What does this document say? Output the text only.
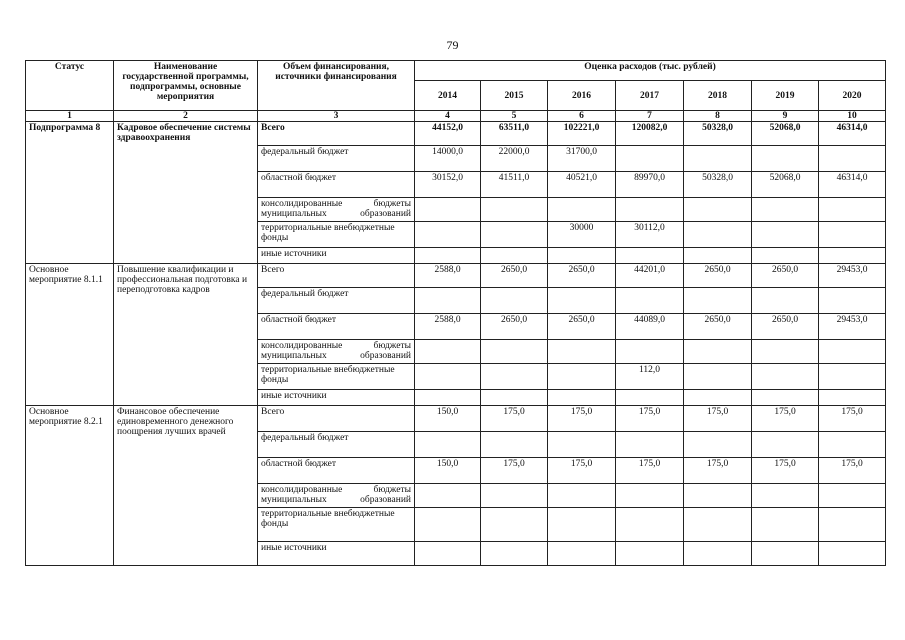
79
Статус	Наименование государственной программы, подпрограммы, основные мероприятия	Объем финансирования, источники финансирования	Оценка расходов (тыс. рублей)						
			2014	2015	2016	2017	2018	2019	2020
1	2	3	4	5	6	7	8	9	10
Подпрограмма 8	Кадровое обеспечение системы здравоохранения	Всего	44152,0	63511,0	102221,0	120082,0	50328,0	52068,0	46314,0
		федеральный бюджет	14000,0	22000,0	31700,0				
		областной бюджет	30152,0	41511,0	40521,0	89970,0	50328,0	52068,0	46314,0
		консолидированные бюджеты муниципальных образований							
		территориальные внебюджетные фонды			30000	30112,0			
		иные источники							
Основное мероприятие 8.1.1	Повышение квалификации и профессиональная подготовка и переподготовка кадров	Всего	2588,0	2650,0	2650,0	44201,0	2650,0	2650,0	29453,0
		федеральный бюджет							
		областной бюджет	2588,0	2650,0	2650,0	44089,0	2650,0	2650,0	29453,0
		консолидированные бюджеты муниципальных образований							
		территориальные внебюджетные фонды				112,0			
		иные источники							
Основное мероприятие 8.2.1	Финансовое обеспечение единовременного денежного поощрения лучших врачей	Всего	150,0	175,0	175,0	175,0	175,0	175,0	175,0
		федеральный бюджет							
		областной бюджет	150,0	175,0	175,0	175,0	175,0	175,0	175,0
		консолидированные бюджеты муниципальных образований							
		территориальные внебюджетные фонды							
		иные источники							
